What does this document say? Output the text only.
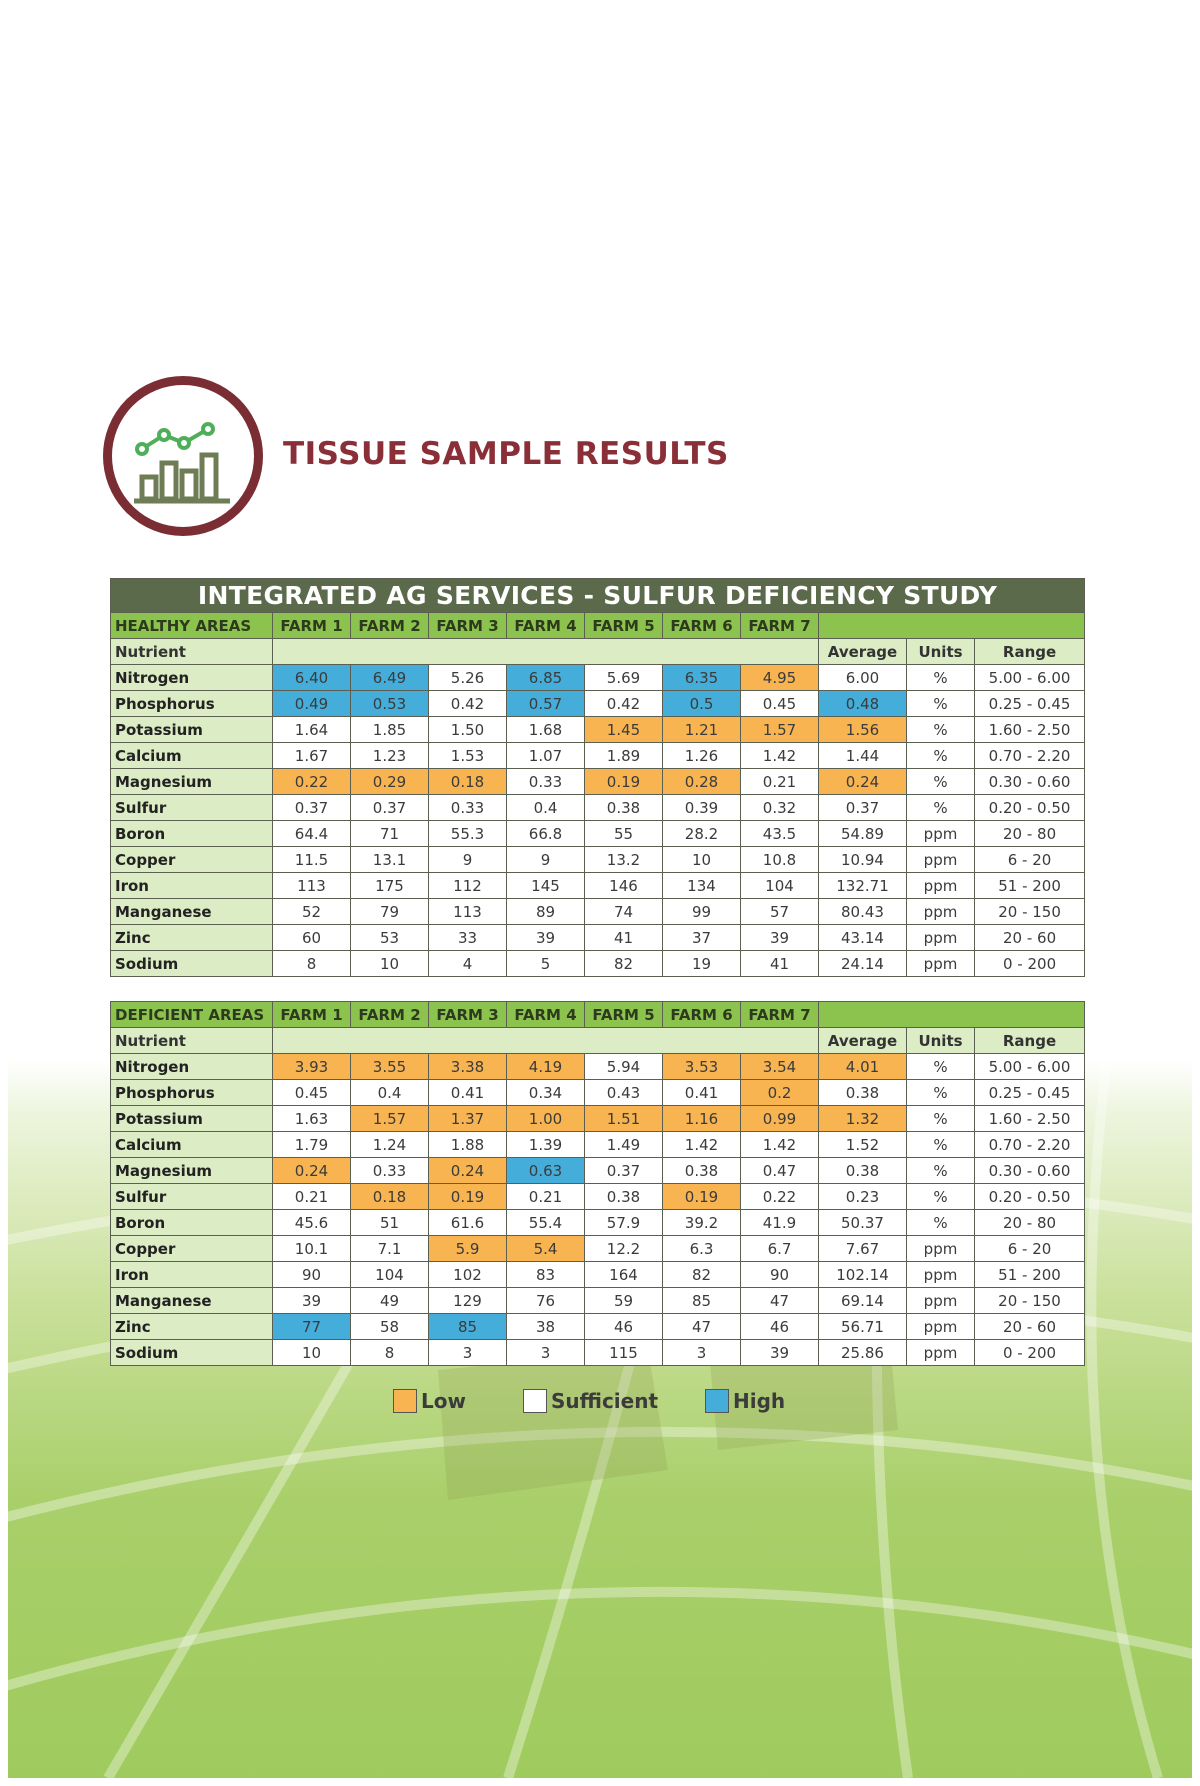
TISSUE SAMPLE RESULTS
INTEGRATED AG SERVICES - SULFUR DEFICIENCY STUDY										
HEALTHY AREAS	FARM 1	FARM 2	FARM 3	FARM 4	FARM 5	FARM 6	FARM 7			
Nutrient								Average	Units	Range
Nitrogen	6.40	6.49	5.26	6.85	5.69	6.35	4.95	6.00	%	5.00 - 6.00
Phosphorus	0.49	0.53	0.42	0.57	0.42	0.5	0.45	0.48	%	0.25 - 0.45
Potassium	1.64	1.85	1.50	1.68	1.45	1.21	1.57	1.56	%	1.60 - 2.50
Calcium	1.67	1.23	1.53	1.07	1.89	1.26	1.42	1.44	%	0.70 - 2.20
Magnesium	0.22	0.29	0.18	0.33	0.19	0.28	0.21	0.24	%	0.30 - 0.60
Sulfur	0.37	0.37	0.33	0.4	0.38	0.39	0.32	0.37	%	0.20 - 0.50
Boron	64.4	71	55.3	66.8	55	28.2	43.5	54.89	ppm	20 - 80
Copper	11.5	13.1	9	9	13.2	10	10.8	10.94	ppm	6 - 20
Iron	113	175	112	145	146	134	104	132.71	ppm	51 - 200
Manganese	52	79	113	89	74	99	57	80.43	ppm	20 - 150
Zinc	60	53	33	39	41	37	39	43.14	ppm	20 - 60
Sodium	8	10	4	5	82	19	41	24.14	ppm	0 - 200
DEFICIENT AREAS	FARM 1	FARM 2	FARM 3	FARM 4	FARM 5	FARM 6	FARM 7			
Nutrient								Average	Units	Range
Nitrogen	3.93	3.55	3.38	4.19	5.94	3.53	3.54	4.01	%	5.00 - 6.00
Phosphorus	0.45	0.4	0.41	0.34	0.43	0.41	0.2	0.38	%	0.25 - 0.45
Potassium	1.63	1.57	1.37	1.00	1.51	1.16	0.99	1.32	%	1.60 - 2.50
Calcium	1.79	1.24	1.88	1.39	1.49	1.42	1.42	1.52	%	0.70 - 2.20
Magnesium	0.24	0.33	0.24	0.63	0.37	0.38	0.47	0.38	%	0.30 - 0.60
Sulfur	0.21	0.18	0.19	0.21	0.38	0.19	0.22	0.23	%	0.20 - 0.50
Boron	45.6	51	61.6	55.4	57.9	39.2	41.9	50.37	%	20 - 80
Copper	10.1	7.1	5.9	5.4	12.2	6.3	6.7	7.67	ppm	6 - 20
Iron	90	104	102	83	164	82	90	102.14	ppm	51 - 200
Manganese	39	49	129	76	59	85	47	69.14	ppm	20 - 150
Zinc	77	58	85	38	46	47	46	56.71	ppm	20 - 60
Sodium	10	8	3	3	115	3	39	25.86	ppm	0 - 200
Low	Sufficient	High
